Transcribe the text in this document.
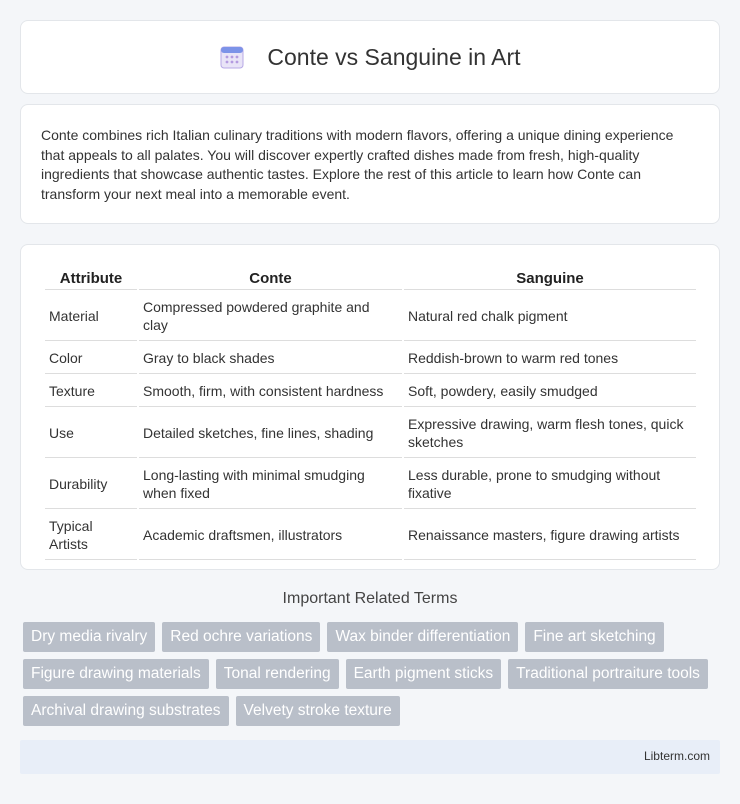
Conte vs Sanguine in Art

Conte combines rich Italian culinary traditions with modern flavors, offering a unique dining experience that appeals to all palates. You will discover expertly crafted dishes made from fresh, high-quality ingredients that showcase authentic tastes. Explore the rest of this article to learn how Conte can transform your next meal into a memorable event.

Attribute	Conte	Sanguine
Material	Compressed powdered graphite and clay	Natural red chalk pigment
Color	Gray to black shades	Reddish-brown to warm red tones
Texture	Smooth, firm, with consistent hardness	Soft, powdery, easily smudged
Use	Detailed sketches, fine lines, shading	Expressive drawing, warm flesh tones, quick sketches
Durability	Long-lasting with minimal smudging when fixed	Less durable, prone to smudging without fixative
Typical Artists	Academic draftsmen, illustrators	Renaissance masters, figure drawing artists
Important Related Terms
Dry media rivalry	Red ochre variations	Wax binder differentiation	Fine art sketching
Figure drawing materials	Tonal rendering	Earth pigment sticks	Traditional portraiture tools
Archival drawing substrates	Velvety stroke texture
Libterm.com
